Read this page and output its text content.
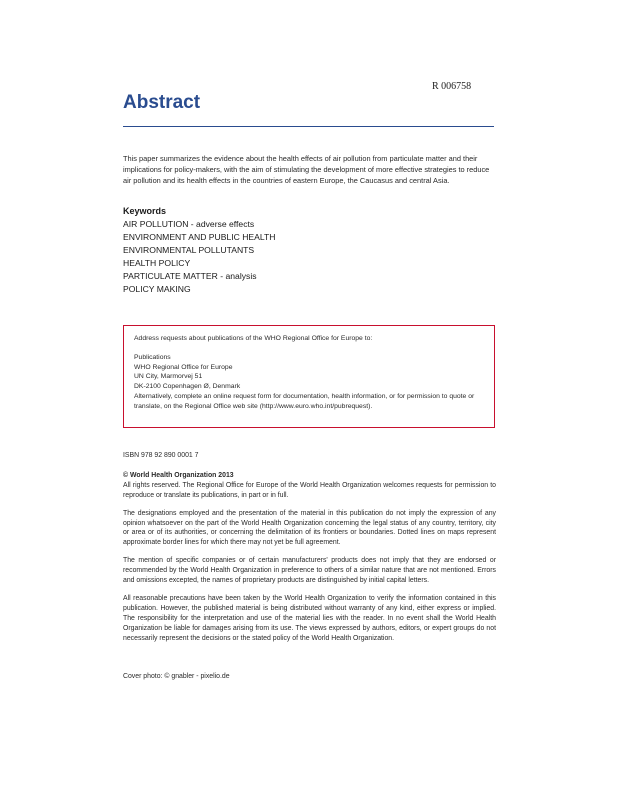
R 006758
Abstract

This paper summarizes the evidence about the health effects of air pollution from particulate matter and their implications for policy-makers, with the aim of stimulating the development of more effective strategies to reduce air pollution and its health effects in the countries of eastern Europe, the Caucasus and central Asia.

Keywords
AIR POLLUTION - adverse effects
ENVIRONMENT AND PUBLIC HEALTH
ENVIRONMENTAL POLLUTANTS
HEALTH POLICY
PARTICULATE MATTER - analysis
POLICY MAKING

Address requests about publications of the WHO Regional Office for Europe to:

Publications
WHO Regional Office for Europe
UN City, Marmorvej 51
DK-2100 Copenhagen Ø, Denmark

Alternatively, complete an online request form for documentation, health information, or for permission to quote or translate, on the Regional Office web site (http://www.euro.who.int/pubrequest).

ISBN 978 92 890 0001 7

© World Health Organization 2013

All rights reserved. The Regional Office for Europe of the World Health Organization welcomes requests for permission to reproduce or translate its publications, in part or in full.

The designations employed and the presentation of the material in this publication do not imply the expression of any opinion whatsoever on the part of the World Health Organization concerning the legal status of any country, territory, city or area or of its authorities, or concerning the delimitation of its frontiers or boundaries. Dotted lines on maps represent approximate border lines for which there may not yet be full agreement.

The mention of specific companies or of certain manufacturers' products does not imply that they are endorsed or recommended by the World Health Organization in preference to others of a similar nature that are not mentioned. Errors and omissions excepted, the names of proprietary products are distinguished by initial capital letters.

All reasonable precautions have been taken by the World Health Organization to verify the information contained in this publication. However, the published material is being distributed without warranty of any kind, either express or implied. The responsibility for the interpretation and use of the material lies with the reader. In no event shall the World Health Organization be liable for damages arising from its use. The views expressed by authors, editors, or expert groups do not necessarily represent the decisions or the stated policy of the World Health Organization.

Cover photo: © gnabler - pixelio.de
